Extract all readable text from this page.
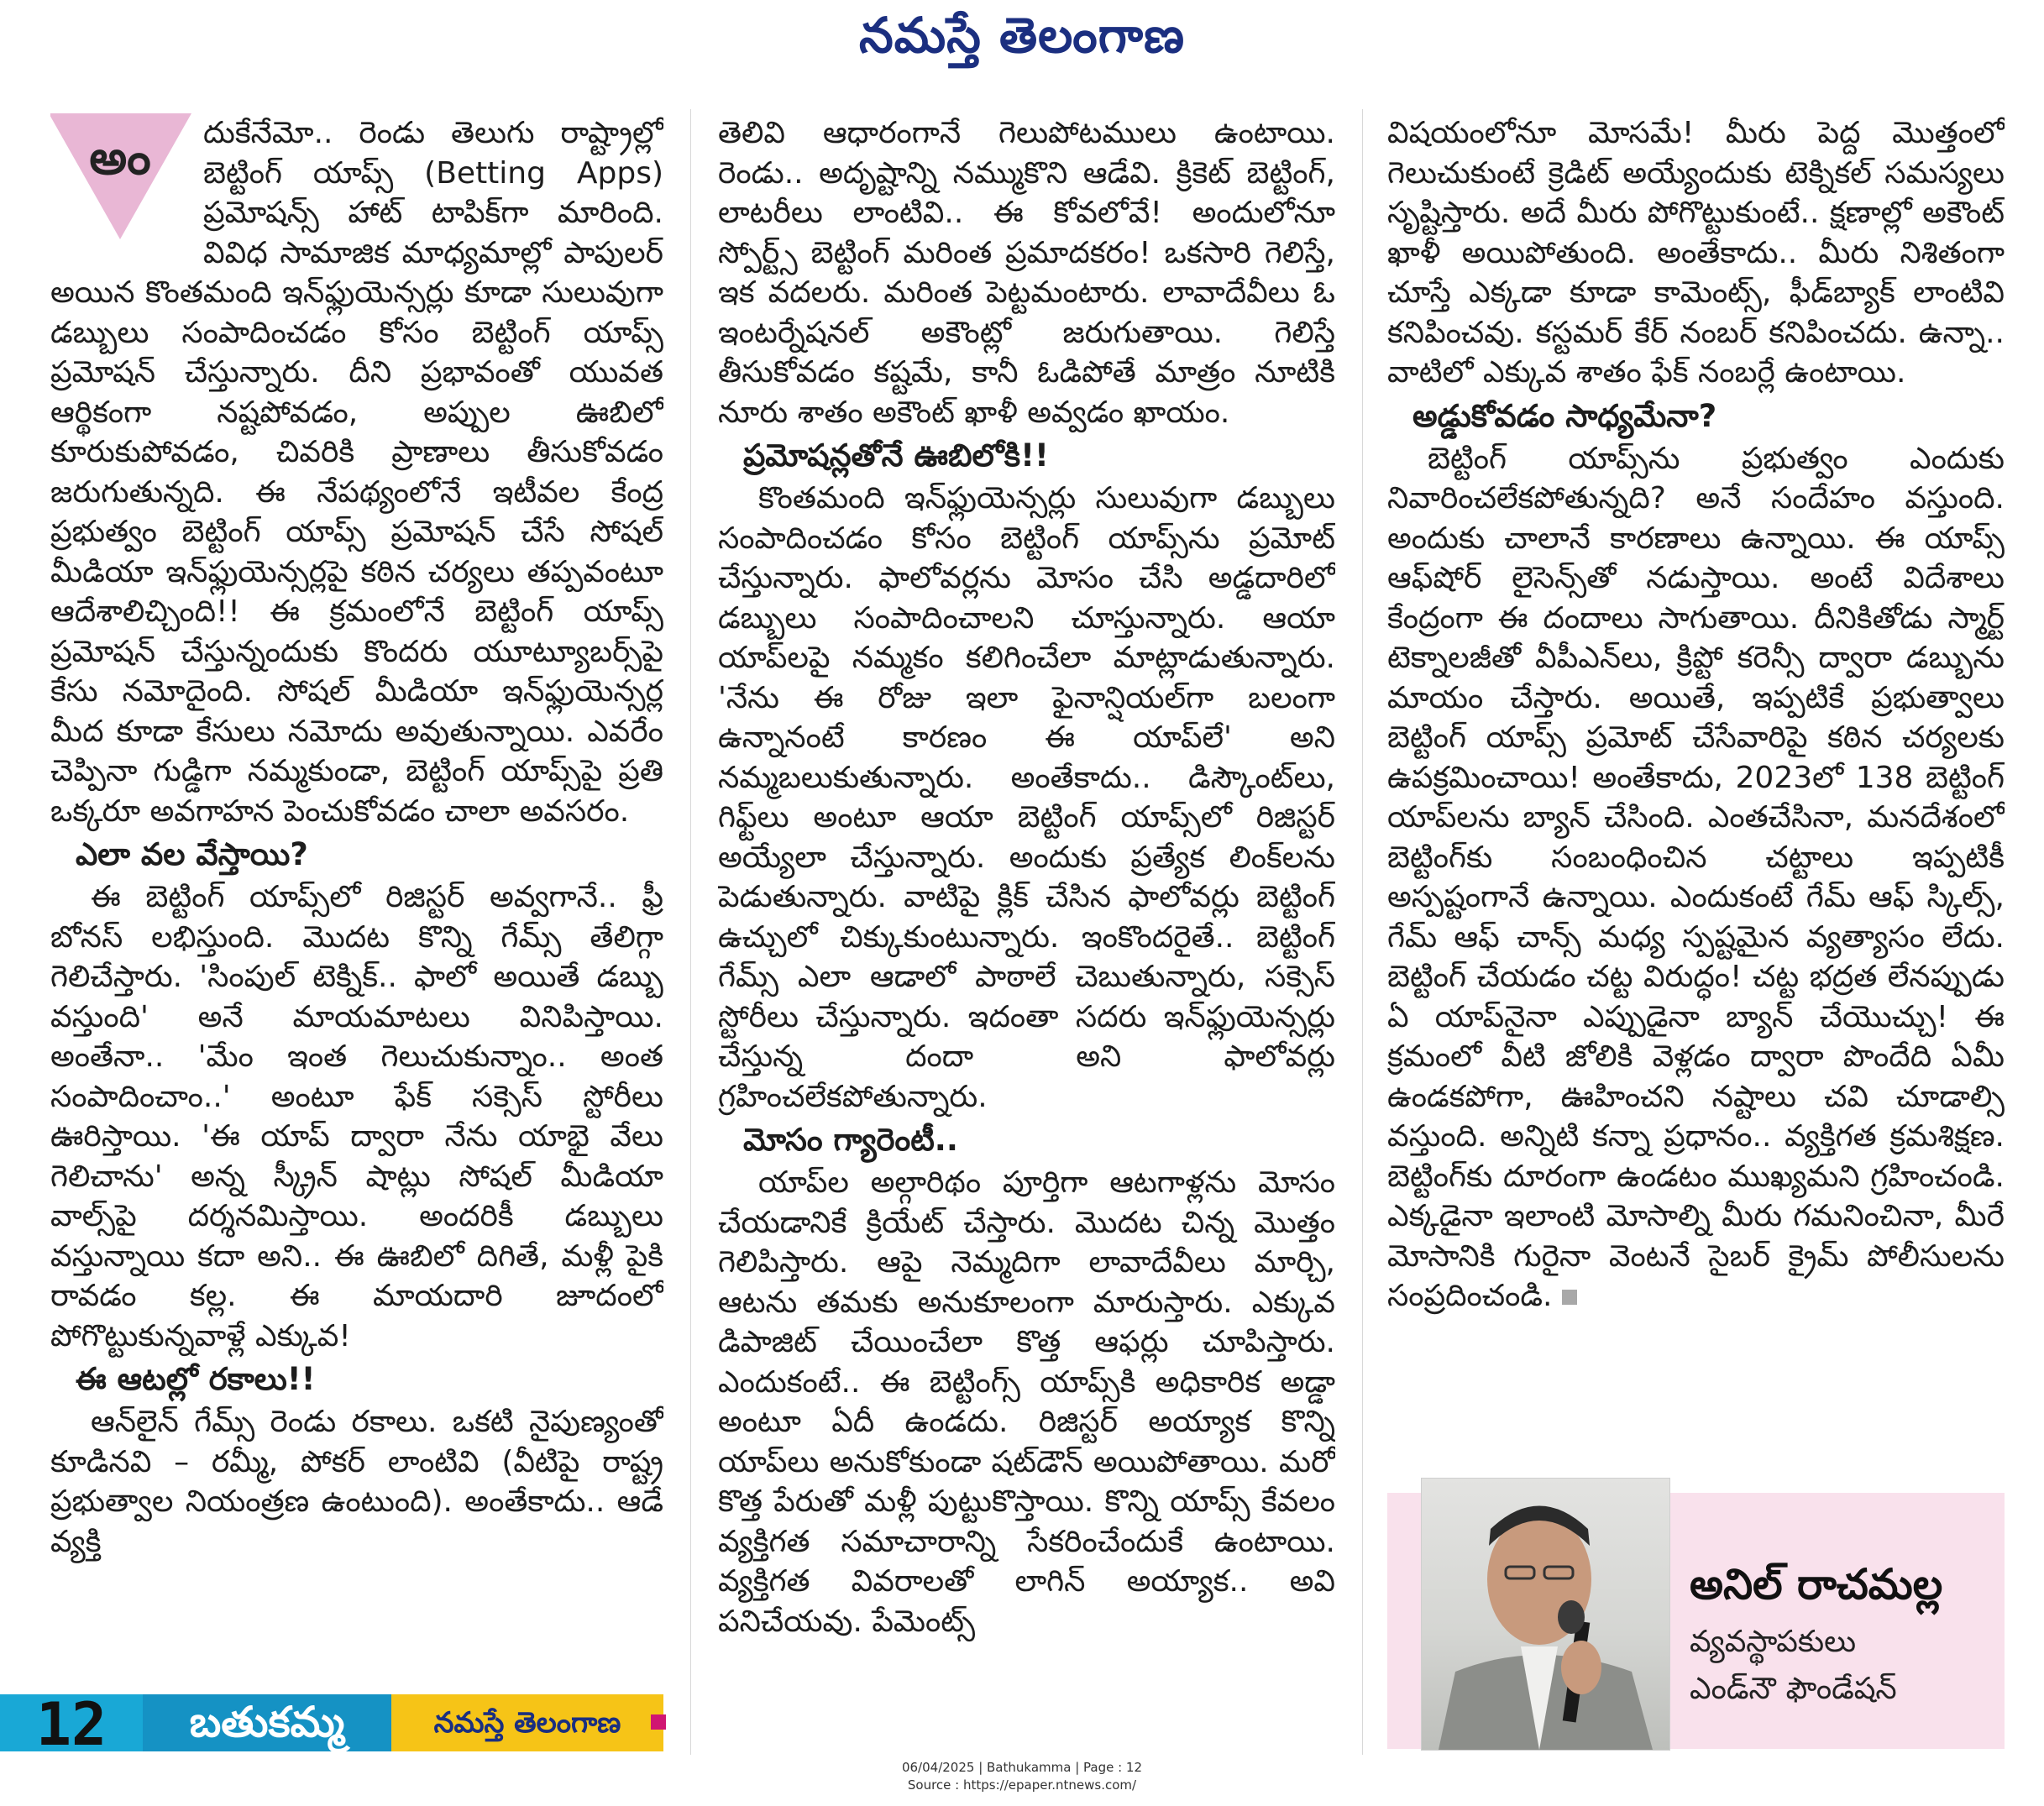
నమస్తే తెలంగాణ
అం	దుకేనేమో.. రెండు తెలుగు రాష్ట్రాల్లో బెట్టింగ్ యాప్స్ (Betting Apps) ప్రమోషన్స్ హాట్ టాపిక్‌గా మారింది. వివిధ సామాజిక మాధ్యమాల్లో పాపులర్ అయిన కొంతమంది ఇన్‌ఫ్లుయెన్సర్లు కూడా సులువుగా డబ్బులు సంపాదించడం కోసం బెట్టింగ్ యాప్స్ ప్రమోషన్ చేస్తున్నారు. దీని ప్రభావంతో యువత ఆర్థికంగా నష్టపోవడం, అప్పుల ఊబిలో కూరుకుపోవడం, చివరికి ప్రాణాలు తీసుకోవడం జరుగుతున్నది. ఈ నేపథ్యంలోనే ఇటీవల కేంద్ర ప్రభుత్వం బెట్టింగ్ యాప్స్ ప్రమోషన్ చేసే సోషల్ మీడియా ఇన్‌ఫ్లుయెన్సర్లపై కఠిన చర్యలు తప్పవంటూ ఆదేశాలిచ్చింది!! ఈ క్రమంలోనే బెట్టింగ్ యాప్స్ ప్రమోషన్ చేస్తున్నందుకు కొందరు యూట్యూబర్స్‌పై కేసు నమోదైంది. సోషల్ మీడియా ఇన్‌ఫ్లుయెన్సర్ల మీద కూడా కేసులు నమోదు అవుతున్నాయి. ఎవరేం చెప్పినా గుడ్డిగా నమ్మకుండా, బెట్టింగ్ యాప్స్‌పై ప్రతి ఒక్కరూ అవగాహన పెంచుకోవడం చాలా అవసరం.

ఎలా వల వేస్తాయి?

ఈ బెట్టింగ్ యాప్స్‌లో రిజిస్టర్ అవ్వగానే.. ఫ్రీ బోనస్ లభిస్తుంది. మొదట కొన్ని గేమ్స్ తేలిగ్గా గెలిచేస్తారు. 'సింపుల్ టెక్నిక్.. ఫాలో అయితే డబ్బు వస్తుంది' అనే మాయమాటలు వినిపిస్తాయి. అంతేనా.. 'మేం ఇంత గెలుచుకున్నాం.. అంత సంపాదించాం..' అంటూ ఫేక్ సక్సెస్ స్టోరీలు ఊరిస్తాయి. 'ఈ యాప్ ద్వారా నేను యాభై వేలు గెలిచాను' అన్న స్క్రీన్ షాట్లు సోషల్ మీడియా వాల్స్‌పై దర్శనమిస్తాయి. అందరికీ డబ్బులు వస్తున్నాయి కదా అని.. ఈ ఊబిలో దిగితే, మళ్లీ పైకి రావడం కల్ల. ఈ మాయదారి జూదంలో పోగొట్టుకున్నవాళ్లే ఎక్కువ!

ఈ ఆటల్లో రకాలు!!

ఆన్‌లైన్ గేమ్స్ రెండు రకాలు. ఒకటి నైపుణ్యంతో కూడినవి – రమ్మీ, పోకర్ లాంటివి (వీటిపై రాష్ట్ర ప్రభుత్వాల నియంత్రణ ఉంటుంది). అంతేకాదు.. ఆడే వ్యక్తి

తెలివి ఆధారంగానే గెలుపోటములు ఉంటాయి. రెండు.. అదృష్టాన్ని నమ్ముకొని ఆడేవి. క్రికెట్ బెట్టింగ్, లాటరీలు లాంటివి.. ఈ కోవలోవే! అందులోనూ స్పోర్ట్స్ బెట్టింగ్ మరింత ప్రమాదకరం! ఒకసారి గెలిస్తే, ఇక వదలరు. మరింత పెట్టమంటారు. లావాదేవీలు ఓ ఇంటర్నేషనల్ అకౌంట్లో జరుగుతాయి. గెలిస్తే తీసుకోవడం కష్టమే, కానీ ఓడిపోతే మాత్రం నూటికి నూరు శాతం అకౌంట్ ఖాళీ అవ్వడం ఖాయం.

ప్రమోషన్లతోనే ఊబిలోకి!!

కొంతమంది ఇన్‌ఫ్లుయెన్సర్లు సులువుగా డబ్బులు సంపాదించడం కోసం బెట్టింగ్ యాప్స్‌ను ప్రమోట్ చేస్తున్నారు. ఫాలోవర్లను మోసం చేసి అడ్డదారిలో డబ్బులు సంపాదించాలని చూస్తున్నారు. ఆయా యాప్‌లపై నమ్మకం కలిగించేలా మాట్లాడుతున్నారు. 'నేను ఈ రోజు ఇలా ఫైనాన్షియల్‌గా బలంగా ఉన్నానంటే కారణం ఈ యాప్‌లే' అని నమ్మబలుకుతున్నారు. అంతేకాదు.. డిస్కౌంట్‌లు, గిఫ్ట్‌లు అంటూ ఆయా బెట్టింగ్ యాప్స్‌లో రిజిస్టర్ అయ్యేలా చేస్తున్నారు. అందుకు ప్రత్యేక లింక్‌లను పెడుతున్నారు. వాటిపై క్లిక్ చేసిన ఫాలోవర్లు బెట్టింగ్ ఉచ్చులో చిక్కుకుంటున్నారు. ఇంకొందరైతే.. బెట్టింగ్ గేమ్స్ ఎలా ఆడాలో పాఠాలే చెబుతున్నారు, సక్సెస్ స్టోరీలు చేస్తున్నారు. ఇదంతా సదరు ఇన్‌ఫ్లుయెన్సర్లు చేస్తున్న దందా అని ఫాలోవర్లు గ్రహించలేకపోతున్నారు.

మోసం గ్యారెంటీ..

యాప్‌ల అల్గారిథం పూర్తిగా ఆటగాళ్లను మోసం చేయడానికే క్రియేట్ చేస్తారు. మొదట చిన్న మొత్తం గెలిపిస్తారు. ఆపై నెమ్మదిగా లావాదేవీలు మార్చి, ఆటను తమకు అనుకూలంగా మారుస్తారు. ఎక్కువ డిపాజిట్ చేయించేలా కొత్త ఆఫర్లు చూపిస్తారు. ఎందుకంటే.. ఈ బెట్టింగ్స్ యాప్స్‌కి అధికారిక అడ్డా అంటూ ఏదీ ఉండదు. రిజిస్టర్ అయ్యాక కొన్ని యాప్‌లు అనుకోకుండా షట్‌డౌన్ అయిపోతాయి. మరో కొత్త పేరుతో మళ్లీ పుట్టుకొస్తాయి. కొన్ని యాప్స్ కేవలం వ్యక్తిగత సమాచారాన్ని సేకరించేందుకే ఉంటాయి. వ్యక్తిగత వివరాలతో లాగిన్ అయ్యాక.. అవి పనిచేయవు. పేమెంట్స్

విషయంలోనూ మోసమే! మీరు పెద్ద మొత్తంలో గెలుచుకుంటే క్రెడిట్ అయ్యేందుకు టెక్నికల్ సమస్యలు సృష్టిస్తారు. అదే మీరు పోగొట్టుకుంటే.. క్షణాల్లో అకౌంట్ ఖాళీ అయిపోతుంది. అంతేకాదు.. మీరు నిశితంగా చూస్తే ఎక్కడా కూడా కామెంట్స్, ఫీడ్‌బ్యాక్ లాంటివి కనిపించవు. కస్టమర్ కేర్ నంబర్ కనిపించదు. ఉన్నా.. వాటిలో ఎక్కువ శాతం ఫేక్ నంబర్లే ఉంటాయి.

అడ్డుకోవడం సాధ్యమేనా?

బెట్టింగ్ యాప్స్‌ను ప్రభుత్వం ఎందుకు నివారించలేకపోతున్నది? అనే సందేహం వస్తుంది. అందుకు చాలానే కారణాలు ఉన్నాయి. ఈ యాప్స్ ఆఫ్‌షోర్ లైసెన్స్‌తో నడుస్తాయి. అంటే విదేశాలు కేంద్రంగా ఈ దందాలు సాగుతాయి. దీనికితోడు స్మార్ట్ టెక్నాలజీతో వీపీఎన్‌లు, క్రిప్టో కరెన్సీ ద్వారా డబ్బును మాయం చేస్తారు. అయితే, ఇప్పటికే ప్రభుత్వాలు బెట్టింగ్ యాప్స్ ప్రమోట్ చేసేవారిపై కఠిన చర్యలకు ఉపక్రమించాయి! అంతేకాదు, 2023లో 138 బెట్టింగ్ యాప్‌లను బ్యాన్ చేసింది. ఎంతచేసినా, మనదేశంలో బెట్టింగ్‌కు సంబంధించిన చట్టాలు ఇప్పటికీ అస్పష్టంగానే ఉన్నాయి. ఎందుకంటే గేమ్ ఆఫ్ స్కిల్స్, గేమ్ ఆఫ్ చాన్స్ మధ్య స్పష్టమైన వ్యత్యాసం లేదు. బెట్టింగ్ చేయడం చట్ట విరుద్ధం! చట్ట భద్రత లేనప్పుడు ఏ యాప్‌నైనా ఎప్పుడైనా బ్యాన్ చేయొచ్చు! ఈ క్రమంలో వీటి జోలికి వెళ్లడం ద్వారా పొందేది ఏమీ ఉండకపోగా, ఊహించని నష్టాలు చవి చూడాల్సి వస్తుంది. అన్నిటి కన్నా ప్రధానం.. వ్యక్తిగత క్రమశిక్షణ. బెట్టింగ్‌కు దూరంగా ఉండటం ముఖ్యమని గ్రహించండి. ఎక్కడైనా ఇలాంటి మోసాల్ని మీరు గమనించినా, మీరే మోసానికి గురైనా వెంటనే సైబర్ క్రైమ్ పోలీసులను సంప్రదించండి.

అనిల్ రాచమల్ల
వ్యవస్థాపకులు
ఎండ్‌నౌ ఫౌండేషన్
12	బతుకమ్మ	నమస్తే తెలంగాణ
06/04/2025 | Bathukamma | Page : 12
Source : https://epaper.ntnews.com/
